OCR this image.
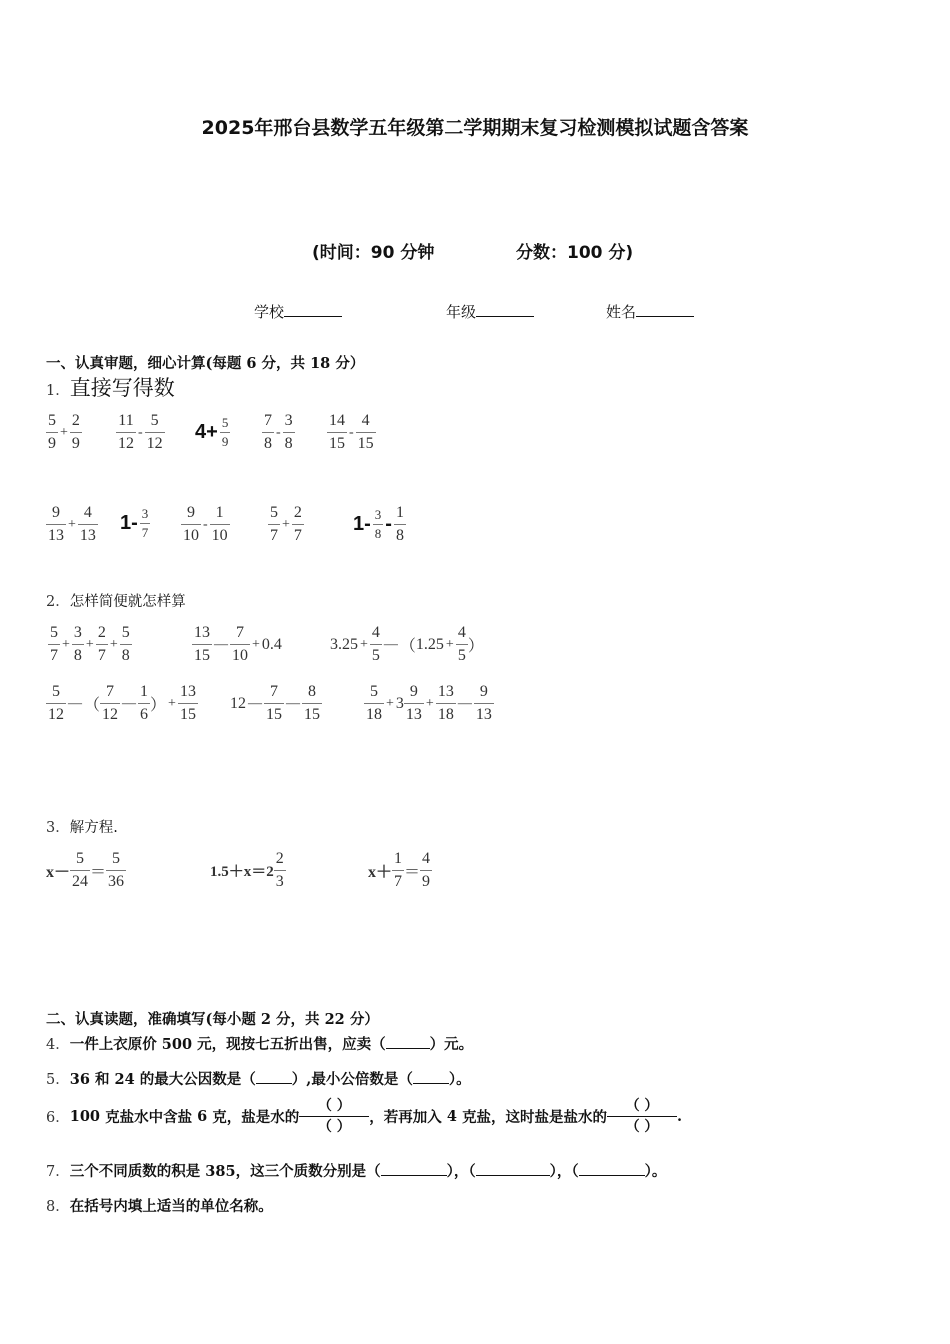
2025年邢台县数学五年级第二学期期末复习检测模拟试题含答案
(时间：90 分钟	分数：100 分)
学校	年级	姓名
一、认真审题，细心计算(每题 6 分，共 18 分）
1．直接写得数
$\frac{5}{9} + \frac{2}{9} \frac{11}{12} - \frac{5}{12} 4+ \frac{5}{9} \frac{7}{8} - \frac{3}{8} \frac{14}{15} - \frac{4}{15}$
$\frac{9}{13} + \frac{4}{13} 1- \frac{3}{7} \frac{9}{10} - \frac{1}{10} \frac{5}{7} + \frac{2}{7} 1- \frac{3}{8} - \frac{1}{8}$
2．怎样简便就怎样算
$\frac{5}{7} + \frac{3}{8} + \frac{2}{7} + \frac{5}{8}$	$\frac{13}{15}$ — $\frac{7}{10} + 0.4$	$3.25 + \frac{4}{5}$ — （$1.25 + \frac{4}{5}$ ）
$\frac{5}{12}$ — （ $\frac{7}{12}$ — $\frac{1}{6}$ ） + $\frac{13}{15} 12$ — $\frac{7}{15}$ — $\frac{8}{15}$	$\frac{5}{18} + 3 \frac{9}{13} + \frac{13}{18}$ — $\frac{9}{13}$
3．解方程.
$x- \frac{5}{24} = \frac{5}{36}$	$1.5+x=2 \frac{2}{3}$	$x+ \frac{1}{7} = \frac{4}{9}$
二、认真读题，准确填写(每小题 2 分，共 22 分）
4．一件上衣原价 500 元，现按七五折出售，应卖（	）元。
5．36 和 24 的最大公因数是（ ）,最小公倍数是（ ）。
6．100 克盐水中含盐 6 克，盐是水的
（ ）
（ ）
，若再加入 4 克盐，这时盐是盐水的
（ ）
（ ）
.
7．三个不同质数的积是 385，这三个质数分别是（	），（	），（	）。
8．在括号内填上适当的单位名称。
